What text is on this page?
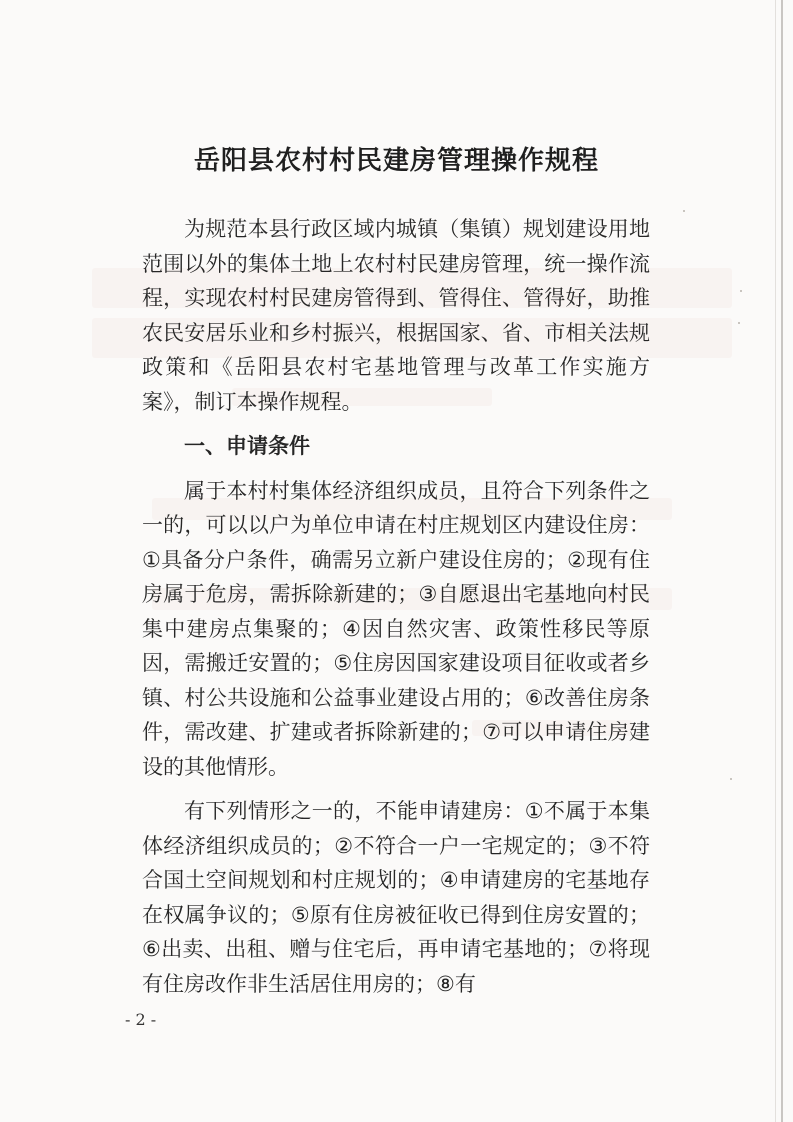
岳阳县农村村民建房管理操作规程

为规范本县行政区域内城镇（集镇）规划建设用地范围以外的集体土地上农村村民建房管理，统一操作流程，实现农村村民建房管得到、管得住、管得好，助推农民安居乐业和乡村振兴，根据国家、省、市相关法规政策和《岳阳县农村宅基地管理与改革工作实施方案》，制订本操作规程。

一、申请条件

属于本村村集体经济组织成员，且符合下列条件之一的，可以以户为单位申请在村庄规划区内建设住房：①具备分户条件，确需另立新户建设住房的；②现有住房属于危房，需拆除新建的；③自愿退出宅基地向村民集中建房点集聚的；④因自然灾害、政策性移民等原因，需搬迁安置的；⑤住房因国家建设项目征收或者乡镇、村公共设施和公益事业建设占用的；⑥改善住房条件，需改建、扩建或者拆除新建的；⑦可以申请住房建设的其他情形。

有下列情形之一的，不能申请建房：①不属于本集体经济组织成员的；②不符合一户一宅规定的；③不符合国土空间规划和村庄规划的；④申请建房的宅基地存在权属争议的；⑤原有住房被征收已得到住房安置的；⑥出卖、出租、赠与住宅后，再申请宅基地的；⑦将现有住房改作非生活居住用房的；⑧有

- 2 -
